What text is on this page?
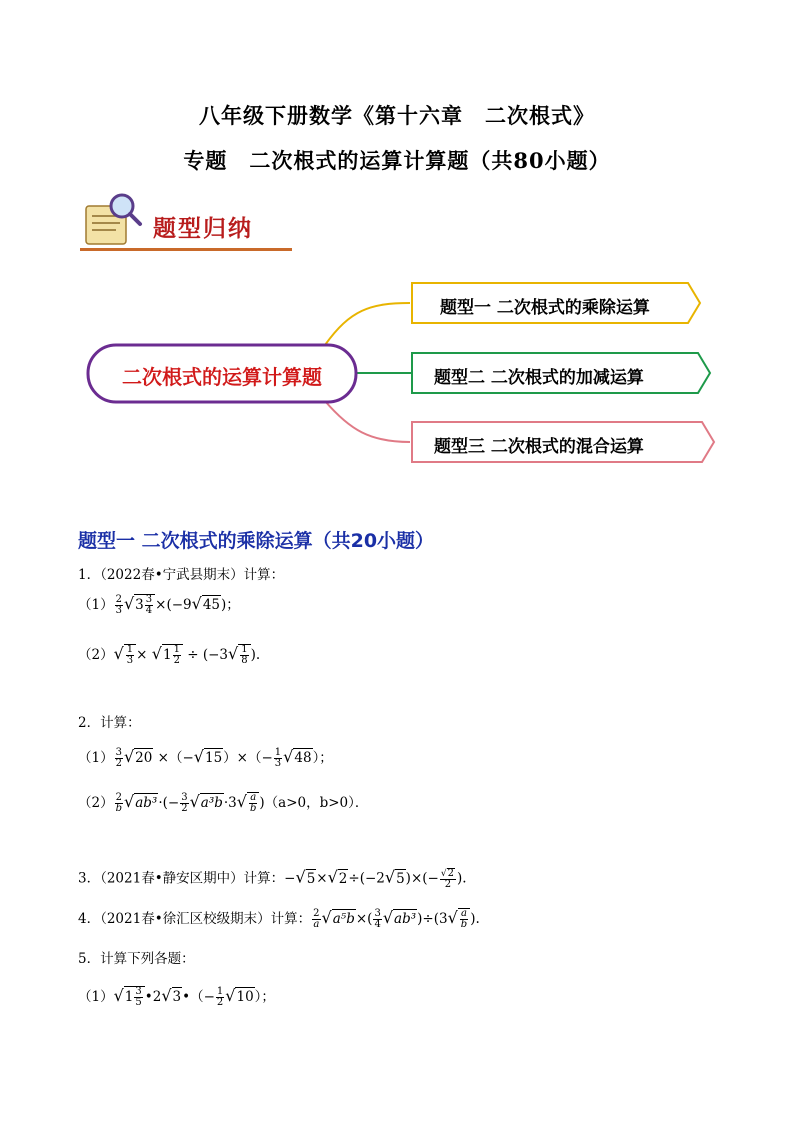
八年级下册数学《第十六章　二次根式》
专题　二次根式的运算计算题（共80小题）
题型归纳
二次根式的运算计算题
题型一 二次根式的乘除运算
题型二 二次根式的加减运算
题型三 二次根式的混合运算
题型一 二次根式的乘除运算（共20小题）
1．（2022春•宁武县期末）计算：
$(1) \frac{2}{3} √3 \frac{3}{4} \times(-9√45)$；
$(2)√ \frac{1}{3} \times √1 \frac{1}{2} \div (-3√ \frac{1}{8}$ ).
2．计算：
$(1) \frac{3}{2} √20 \times(-√15)\times(- \frac{1}{3} √48)$；
$(2) \frac{2}{b} √ab^3\cdot(- \frac{3}{2} √a^3b\cdot 3√ \frac{a}{b} )(a>0$，b>0）．
3．（2021春•静安区期中）计算：$-√5\times√2\div(-2√5)\times(- \frac{√2}{2}$ ).
4．（2021春•徐汇区校级期末）计算： $\frac{2}{a} √a^5b\times( \frac{3}{4} √ab^3)\div(3√ \frac{a}{b}$ ).
5．计算下列各题：
$(1)√1 \frac{3}{5}$ •2√3•（− $\frac{1}{2} √10$）；
